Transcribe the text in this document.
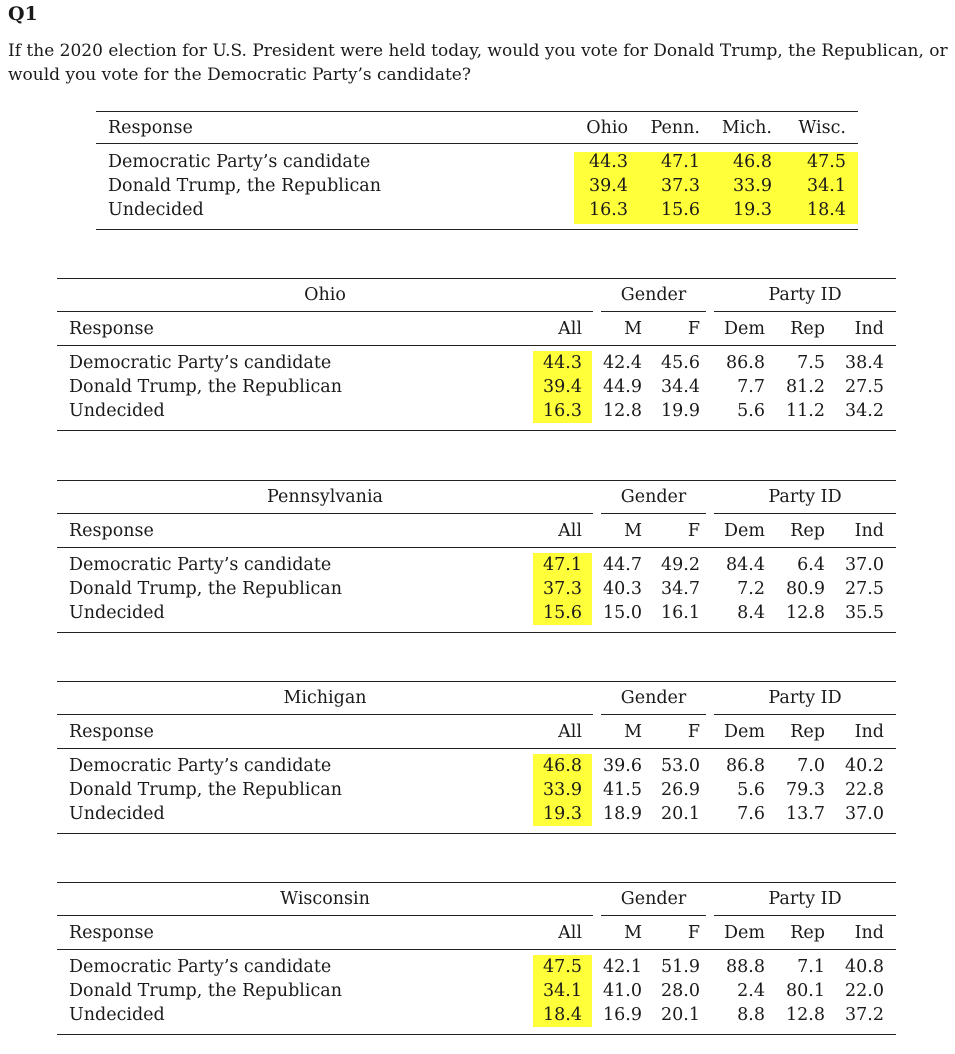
Q1
If the 2020 election for U.S. President were held today, would you vote for Donald Trump, the Republican, or would you vote for the Democratic Party’s candidate?
Response	Ohio	Penn.	Mich.	Wisc.
Democratic Party’s candidate	44.3	47.1	46.8	47.5
Donald Trump, the Republican	39.4	37.3	33.9	34.1
Undecided	16.3	15.6	19.3	18.4
Ohio	Gender	Party ID
Response	All	M	F	Dem	Rep	Ind
Democratic Party’s candidate	44.3	42.4	45.6	86.8	7.5	38.4
Donald Trump, the Republican	39.4	44.9	34.4	7.7	81.2	27.5
Undecided	16.3	12.8	19.9	5.6	11.2	34.2
Pennsylvania	Gender	Party ID
Response	All	M	F	Dem	Rep	Ind
Democratic Party’s candidate	47.1	44.7	49.2	84.4	6.4	37.0
Donald Trump, the Republican	37.3	40.3	34.7	7.2	80.9	27.5
Undecided	15.6	15.0	16.1	8.4	12.8	35.5
Michigan	Gender	Party ID
Response	All	M	F	Dem	Rep	Ind
Democratic Party’s candidate	46.8	39.6	53.0	86.8	7.0	40.2
Donald Trump, the Republican	33.9	41.5	26.9	5.6	79.3	22.8
Undecided	19.3	18.9	20.1	7.6	13.7	37.0
Wisconsin	Gender	Party ID
Response	All	M	F	Dem	Rep	Ind
Democratic Party’s candidate	47.5	42.1	51.9	88.8	7.1	40.8
Donald Trump, the Republican	34.1	41.0	28.0	2.4	80.1	22.0
Undecided	18.4	16.9	20.1	8.8	12.8	37.2
